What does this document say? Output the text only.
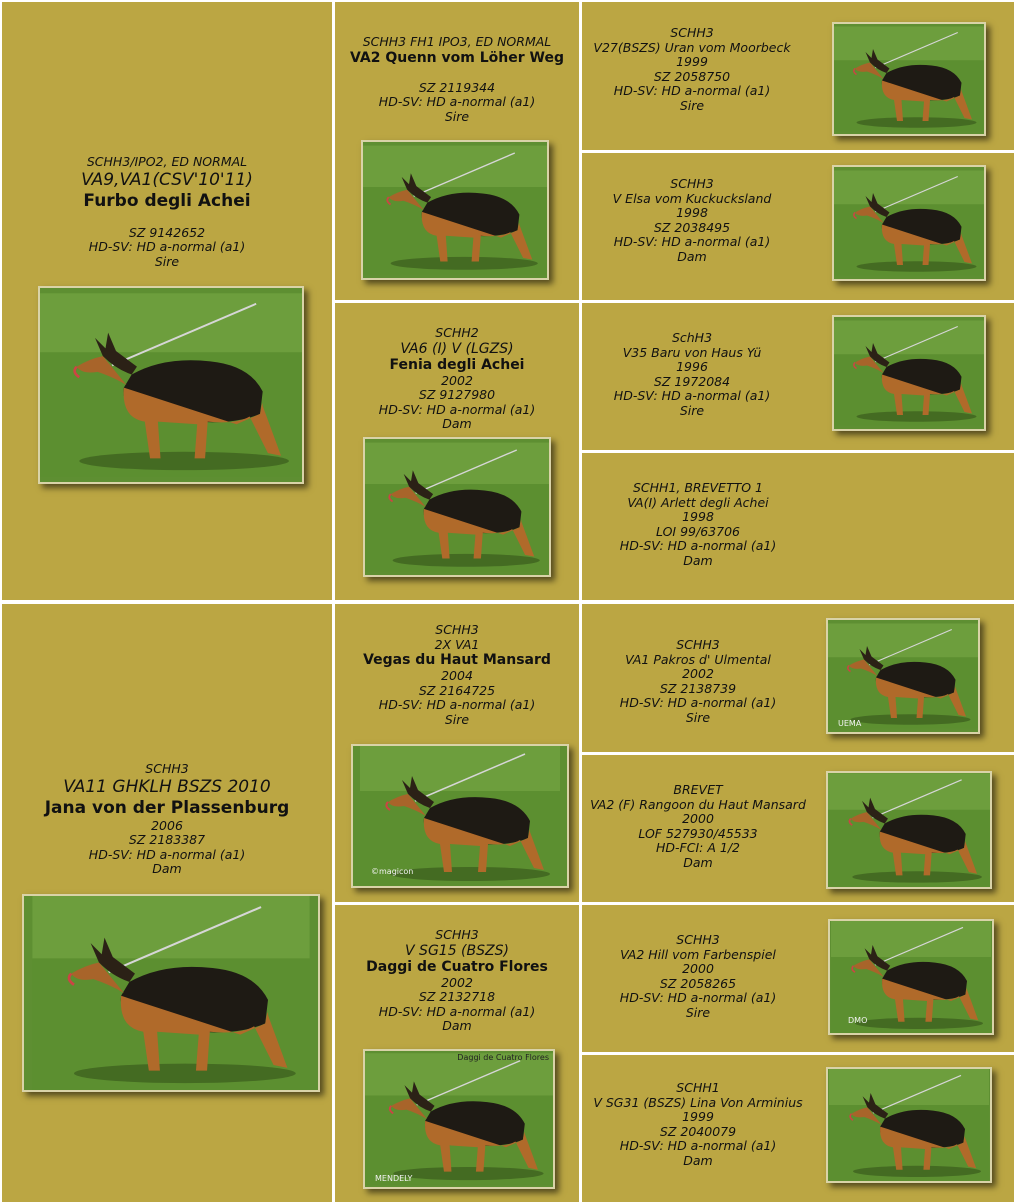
SCHH3/IPO2, ED NORMAL
VA9,VA1(CSV'10'11)
Furbo degli Achei
SZ 9142652
HD-SV: HD a-normal (a1)
Sire
SCHH3 FH1 IPO3, ED NORMAL
VA2 Quenn vom Löher Weg
SZ 2119344
HD-SV: HD a-normal (a1)
Sire
SCHH2
VA6 (I) V (LGZS)
Fenia degli Achei
2002
SZ 9127980
HD-SV: HD a-normal (a1)
Dam
SCHH3
V27(BSZS) Uran vom Moorbeck
1999
SZ 2058750
HD-SV: HD a-normal (a1)
Sire
SCHH3
V Elsa vom Kuckucksland
1998
SZ 2038495
HD-SV: HD a-normal (a1)
Dam
SchH3
V35 Baru von Haus Yü
1996
SZ 1972084
HD-SV: HD a-normal (a1)
Sire
SCHH1, BREVETTO 1
VA(I) Arlett degli Achei
1998
LOI 99/63706
HD-SV: HD a-normal (a1)
Dam
SCHH3
VA11 GHKLH BSZS 2010
Jana von der Plassenburg
2006
SZ 2183387
HD-SV: HD a-normal (a1)
Dam
SCHH3
2X VA1
Vegas du Haut Mansard
2004
SZ 2164725
HD-SV: HD a-normal (a1)
Sire
©magicon
SCHH3
V SG15 (BSZS)
Daggi de Cuatro Flores
2002
SZ 2132718
HD-SV: HD a-normal (a1)
Dam
Daggi de Cuatro Flores
MENDELY
SCHH3
VA1 Pakros d' Ulmental
2002
SZ 2138739
HD-SV: HD a-normal (a1)
Sire	UEMA
BREVET
VA2 (F) Rangoon du Haut Mansard
2000
LOF 527930/45533
HD-FCI: A 1/2
Dam
SCHH3
VA2 Hill vom Farbenspiel
2000
SZ 2058265
HD-SV: HD a-normal (a1)
Sire
DMO
SCHH1
V SG31 (BSZS) Lina Von Arminius
1999
SZ 2040079
HD-SV: HD a-normal (a1)
Dam
